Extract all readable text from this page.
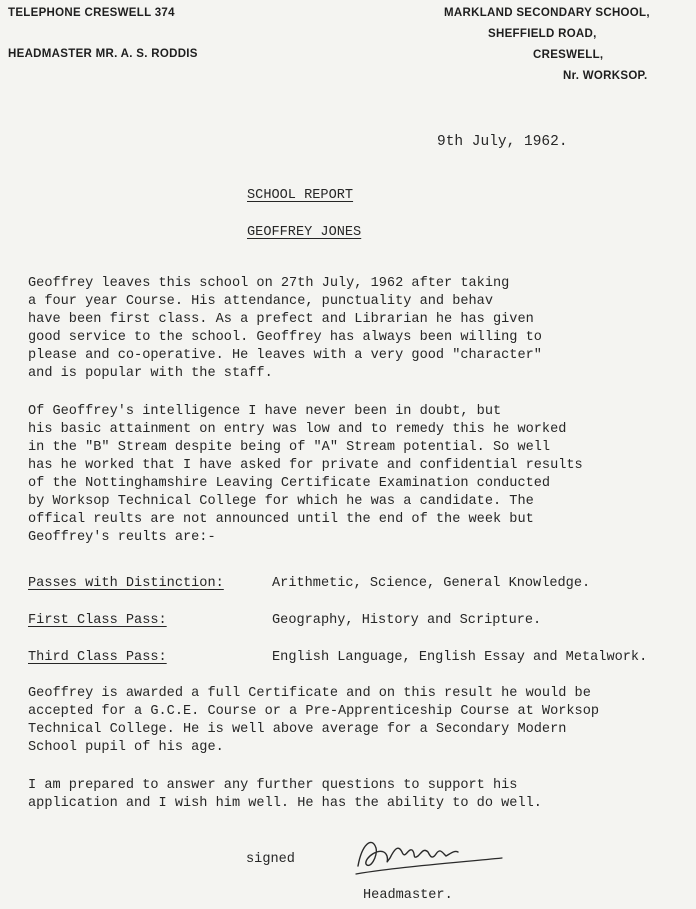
TELEPHONE CRESWELL 374
HEADMASTER MR. A. S. RODDIS
MARKLAND SECONDARY SCHOOL,
SHEFFIELD ROAD,
CRESWELL,
Nr. WORKSOP.
9th July, 1962.
SCHOOL REPORT
GEOFFREY JONES
Geoffrey leaves this school on 27th July, 1962 after taking
a four year Course. His attendance, punctuality and behav
have been first class. As a prefect and Librarian he has given
good service to the school. Geoffrey has always been willing to
please and co-operative. He leaves with a very good "character"
and is popular with the staff.
Of Geoffrey's intelligence I have never been in doubt, but
his basic attainment on entry was low and to remedy this he worked
in the "B" Stream despite being of "A" Stream potential. So well
has he worked that I have asked for private and confidential results
of the Nottinghamshire Leaving Certificate Examination conducted
by Worksop Technical College for which he was a candidate. The
offical reults are not announced until the end of the week but
Geoffrey's reults are:-
Passes with Distinction:	Arithmetic, Science, General Knowledge.
First Class Pass:	Geography, History and Scripture.
Third Class Pass:	English Language, English Essay and Metalwork.
Geoffrey is awarded a full Certificate and on this result he would be
accepted for a G.C.E. Course or a Pre-Apprenticeship Course at Worksop
Technical College. He is well above average for a Secondary Modern
School pupil of his age.
I am prepared to answer any further questions to support his
application and I wish him well. He has the ability to do well.
signed
Headmaster.
